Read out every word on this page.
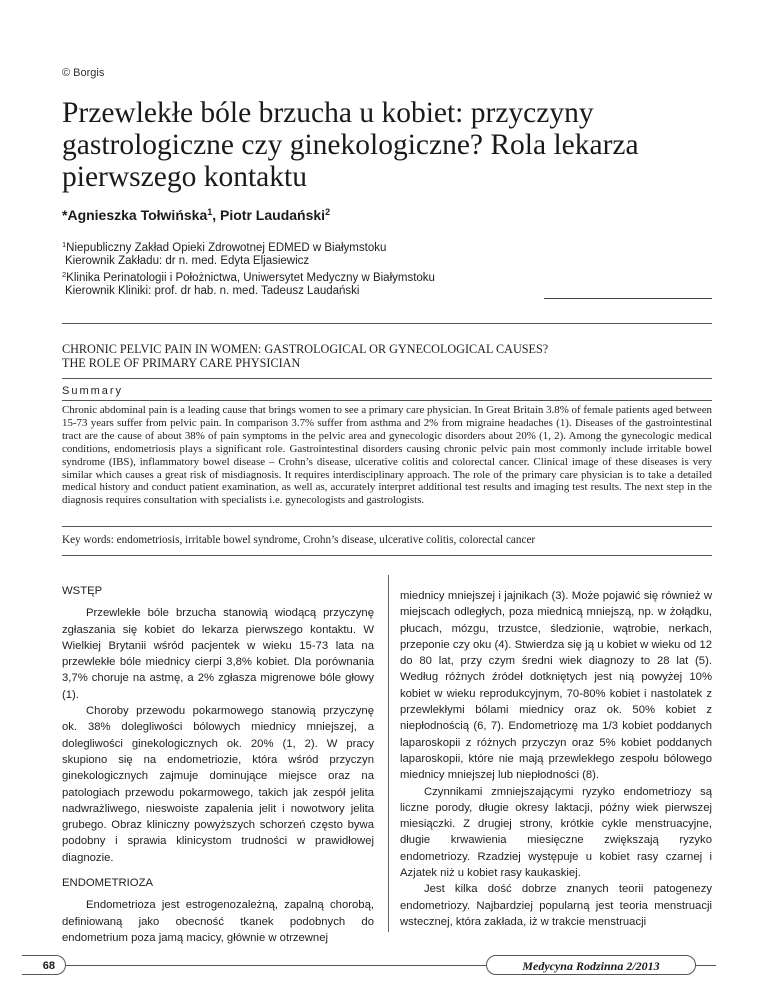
© Borgis
Przewlekłe bóle brzucha u kobiet: przyczyny gastrologiczne czy ginekologiczne? Rola lekarza pierwszego kontaktu
*Agnieszka Tołwińska$^1$, Piotr Laudański$^2$
$^1$Niepubliczny Zakład Opieki Zdrowotnej EDMED w Białymstoku
Kierownik Zakładu: dr n. med. Edyta Eljasiewicz
$^2$Klinika Perinatologii i Położnictwa, Uniwersytet Medyczny w Białymstoku
Kierownik Kliniki: prof. dr hab. n. med. Tadeusz Laudański
CHRONIC PELVIC PAIN IN WOMEN: GASTROLOGICAL OR GYNECOLOGICAL CAUSES?
THE ROLE OF PRIMARY CARE PHYSICIAN
Summary
Chronic abdominal pain is a leading cause that brings women to see a primary care physician. In Great Britain 3.8% of female patients aged between 15-73 years suffer from pelvic pain. In comparison 3.7% suffer from asthma and 2% from migraine headaches (1). Diseases of the gastrointestinal tract are the cause of about 38% of pain symptoms in the pelvic area and gynecologic disorders about 20% (1, 2). Among the gynecologic medical conditions, endometriosis plays a significant role. Gastrointestinal disorders causing chronic pelvic pain most commonly include irritable bowel syndrome (IBS), inflammatory bowel disease – Crohn’s disease, ulcerative colitis and colorectal cancer. Clinical image of these diseases is very similar which causes a great risk of misdiagnosis. It requires interdisciplinary approach. The role of the primary care physician is to take a detailed medical history and conduct patient examination, as well as, accurately interpret additional test results and imaging test results. The next step in the diagnosis requires consultation with specialists i.e. gynecologists and gastrologists.
Key words: endometriosis, irritable bowel syndrome, Crohn’s disease, ulcerative colitis, colorectal cancer
WSTĘP

Przewlekłe bóle brzucha stanowią wiodącą przyczynę zgłaszania się kobiet do lekarza pierwszego kontaktu. W Wielkiej Brytanii wśród pacjentek w wieku 15-73 lata na przewlekłe bóle miednicy cierpi 3,8% kobiet. Dla porównania 3,7% choruje na astmę, a 2% zgłasza migrenowe bóle głowy (1).

Choroby przewodu pokarmowego stanowią przyczynę ok. 38% dolegliwości bólowych miednicy mniejszej, a dolegliwości ginekologicznych ok. 20% (1, 2). W pracy skupiono się na endometriozie, która wśród przyczyn ginekologicznych zajmuje dominujące miejsce oraz na patologiach przewodu pokarmowego, takich jak zespół jelita nadwrażliwego, nieswoiste zapalenia jelit i nowotwory jelita grubego. Obraz kliniczny powyższych schorzeń często bywa podobny i sprawia klinicystom trudności w prawidłowej diagnozie.

ENDOMETRIOZA

Endometrioza jest estrogenozależną, zapalną chorobą, definiowaną jako obecność tkanek podobnych do endometrium poza jamą macicy, głównie w otrzewnej

miednicy mniejszej i jajnikach (3). Może pojawić się również w miejscach odległych, poza miednicą mniejszą, np. w żołądku, płucach, mózgu, trzustce, śledzionie, wątrobie, nerkach, przeponie czy oku (4). Stwierdza się ją u kobiet w wieku od 12 do 80 lat, przy czym średni wiek diagnozy to 28 lat (5). Według różnych źródeł dotkniętych jest nią powyżej 10% kobiet w wieku reprodukcyjnym, 70-80% kobiet i nastolatek z przewlekłymi bólami miednicy oraz ok. 50% kobiet z niepłodnością (6, 7). Endometriozę ma 1/3 kobiet poddanych laparoskopii z różnych przyczyn oraz 5% kobiet poddanych laparoskopii, które nie mają przewlekłego zespołu bólowego miednicy mniejszej lub niepłodności (8).

Czynnikami zmniejszającymi ryzyko endometriozy są liczne porody, długie okresy laktacji, późny wiek pierwszej miesiączki. Z drugiej strony, krótkie cykle menstruacyjne, długie krwawienia miesięczne zwiększają ryzyko endometriozy. Rzadziej występuje u kobiet rasy czarnej i Azjatek niż u kobiet rasy kaukaskiej.

Jest kilka dość dobrze znanych teorii patogenezy endometriozy. Najbardziej popularną jest teoria menstruacji wstecznej, która zakłada, iż w trakcie menstruacji

68	Medycyna Rodzinna 2/2013
